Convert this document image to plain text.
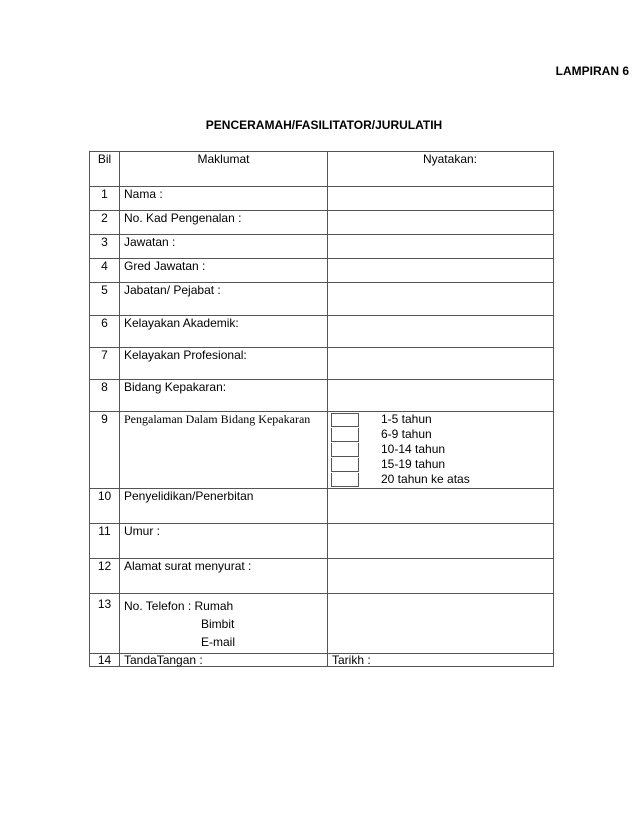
LAMPIRAN 6
PENCERAMAH/FASILITATOR/JURULATIH
Bil	Maklumat	Nyatakan:
1	Nama :	
2	No. Kad Pengenalan :	
3	Jawatan :	
4	Gred Jawatan :	
5	Jabatan/ Pejabat :	
6	Kelayakan Akademik:	
7	Kelayakan Profesional:	
8	Bidang Kepakaran:	
9	Pengalaman Dalam Bidang Kepakaran	1-5 tahun
6-9 tahun
10-14 tahun
15-19 tahun
20 tahun ke atas

10	Penyelidikan/Penerbitan	
11	Umur :	
12	Alamat surat menyurat :	
13	No. Telefon : Rumah
Bimbit
E-mail	

14	TandaTangan :	Tarikh :
